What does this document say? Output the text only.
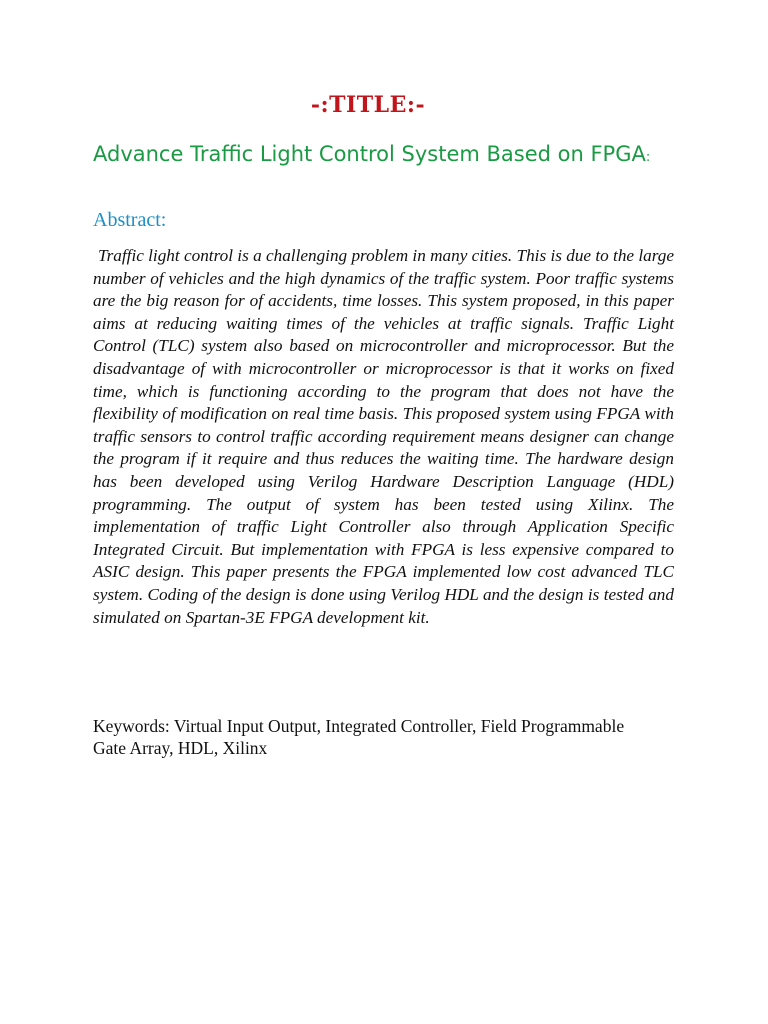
-:TITLE:-
Advance Traffic Light Control System Based on FPGA:
Abstract:
Traffic light control is a challenging problem in many cities. This is due to the large number of vehicles and the high dynamics of the traffic system. Poor traffic systems are the big reason for of accidents, time losses. This system proposed, in this paper aims at reducing waiting times of the vehicles at traffic signals. Traffic Light Control (TLC) system also based on microcontroller and microprocessor. But the disadvantage of with microcontroller or microprocessor is that it works on fixed time, which is functioning according to the program that does not have the flexibility of modification on real time basis. This proposed system using FPGA with traffic sensors to control traffic according requirement means designer can change the program if it require and thus reduces the waiting time. The hardware design has been developed using Verilog Hardware Description Language (HDL) programming. The output of system has been tested using Xilinx. The implementation of traffic Light Controller also through Application Specific Integrated Circuit. But implementation with FPGA is less expensive compared to ASIC design. This paper presents the FPGA implemented low cost advanced TLC system. Coding of the design is done using Verilog HDL and the design is tested and simulated on Spartan-3E FPGA development kit.
Keywords: Virtual Input Output, Integrated Controller, Field Programmable Gate Array, HDL, Xilinx
